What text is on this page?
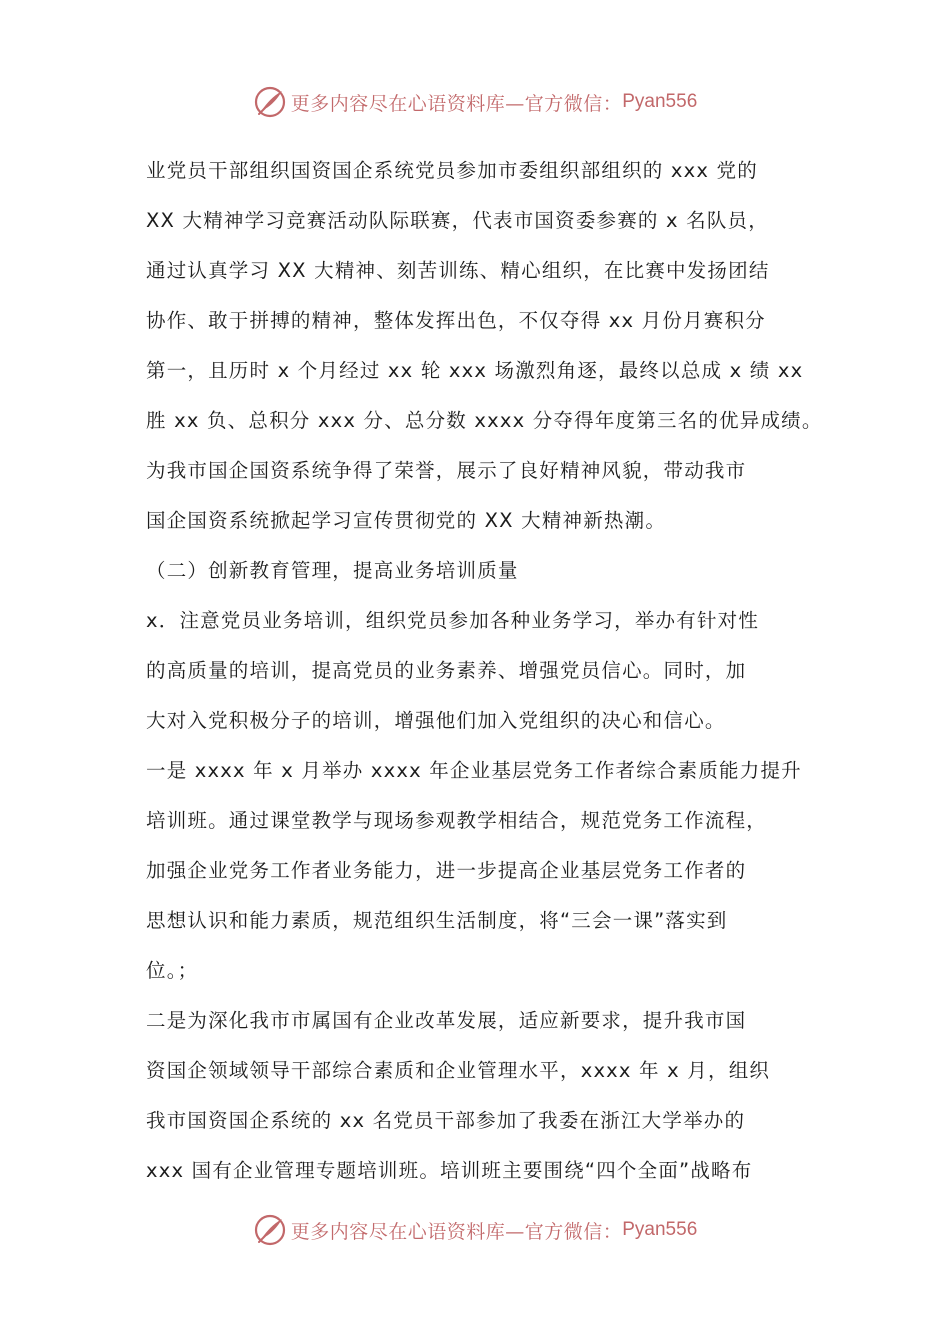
更多内容尽在心语资料库—官方微信： Pyan556
业党员干部组织国资国企系统党员参加市委组织部组织的 xxx 党的
XX 大精神学习竞赛活动队际联赛，代表市国资委参赛的 x 名队员，
通过认真学习 XX 大精神、刻苦训练、精心组织，在比赛中发扬团结
协作、敢于拼搏的精神，整体发挥出色，不仅夺得 xx 月份月赛积分
第一，且历时 x 个月经过 xx 轮 xxx 场激烈角逐，最终以总成 x 绩 xx
胜 xx 负、总积分 xxx 分、总分数 xxxx 分夺得年度第三名的优异成绩。
为我市国企国资系统争得了荣誉，展示了良好精神风貌，带动我市
国企国资系统掀起学习宣传贯彻党的 XX 大精神新热潮。
（二）创新教育管理，提高业务培训质量
x．注意党员业务培训，组织党员参加各种业务学习，举办有针对性
的高质量的培训，提高党员的业务素养、增强党员信心。同时，加
大对入党积极分子的培训，增强他们加入党组织的决心和信心。
一是 xxxx 年 x 月举办 xxxx 年企业基层党务工作者综合素质能力提升
培训班。通过课堂教学与现场参观教学相结合，规范党务工作流程，
加强企业党务工作者业务能力，进一步提高企业基层党务工作者的
思想认识和能力素质，规范组织生活制度，将“三会一课”落实到
位。；
二是为深化我市市属国有企业改革发展，适应新要求，提升我市国
资国企领域领导干部综合素质和企业管理水平，xxxx 年 x 月，组织
我市国资国企系统的 xx 名党员干部参加了我委在浙江大学举办的
xxx 国有企业管理专题培训班。培训班主要围绕“四个全面”战略布
更多内容尽在心语资料库—官方微信： Pyan556
